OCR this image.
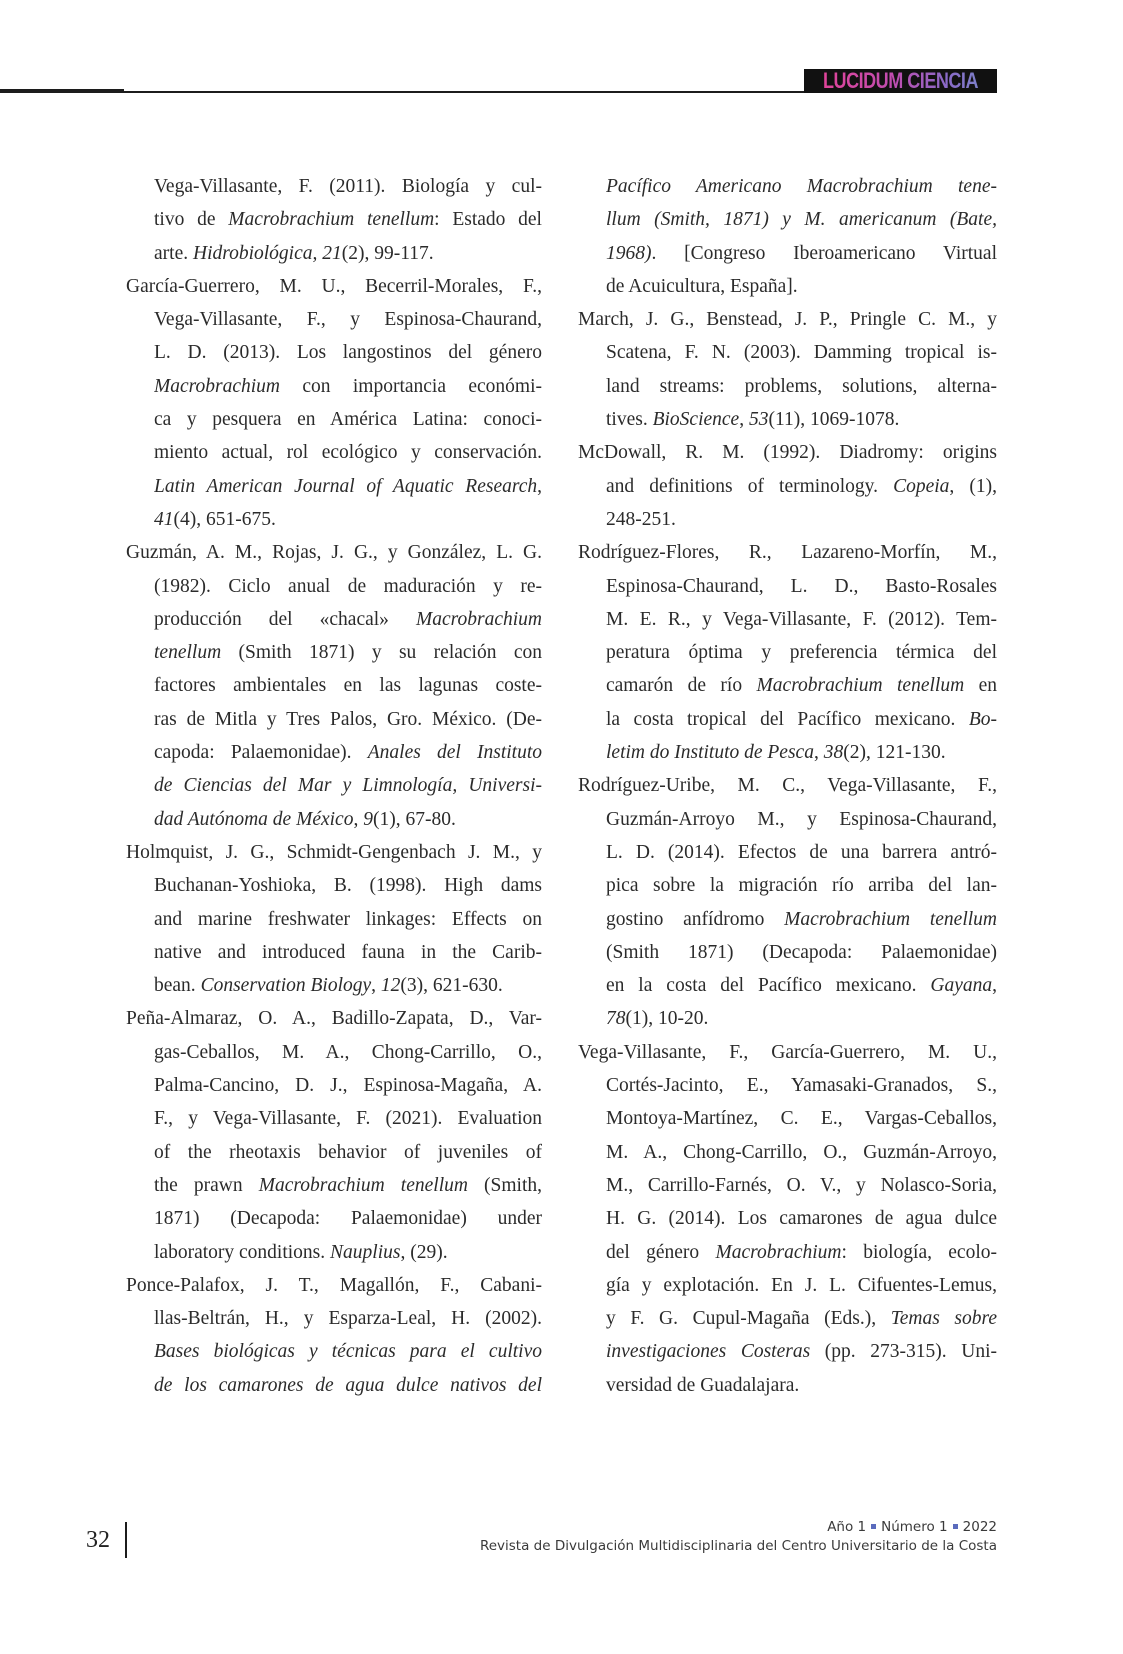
LUCIDUM CIENCIA
Vega-Villasante, F. (2011). Biología y cul-
tivo de Macrobrachium tenellum: Estado del
arte. Hidrobiológica, 21(2), 99-117.
García-Guerrero, M. U., Becerril-Morales, F.,
Vega-Villasante, F., y Espinosa-Chaurand,
L. D. (2013). Los langostinos del género
Macrobrachium con importancia económi-
ca y pesquera en América Latina: conoci-
miento actual, rol ecológico y conservación.
Latin American Journal of Aquatic Research,
41(4), 651-675.
Guzmán, A. M., Rojas, J. G., y González, L. G.
(1982). Ciclo anual de maduración y re-
producción del «chacal» Macrobrachium
tenellum (Smith 1871) y su relación con
factores ambientales en las lagunas coste-
ras de Mitla y Tres Palos, Gro. México. (De-
capoda: Palaemonidae). Anales del Instituto
de Ciencias del Mar y Limnología, Universi-
dad Autónoma de México, 9(1), 67-80.
Holmquist, J. G., Schmidt-Gengenbach J. M., y
Buchanan-Yoshioka, B. (1998). High dams
and marine freshwater linkages: Effects on
native and introduced fauna in the Carib-
bean. Conservation Biology, 12(3), 621-630.
Peña-Almaraz, O. A., Badillo-Zapata, D., Var-
gas-Ceballos, M. A., Chong-Carrillo, O.,
Palma-Cancino, D. J., Espinosa-Magaña, A.
F., y Vega-Villasante, F. (2021). Evaluation
of the rheotaxis behavior of juveniles of
the prawn Macrobrachium tenellum (Smith,
1871) (Decapoda: Palaemonidae) under
laboratory conditions. Nauplius, (29).
Ponce-Palafox, J. T., Magallón, F., Cabani-
llas-Beltrán, H., y Esparza-Leal, H. (2002).
Bases biológicas y técnicas para el cultivo
de los camarones de agua dulce nativos del
Pacífico Americano Macrobrachium tene-
llum (Smith, 1871) y M. americanum (Bate,
1968). [Congreso Iberoamericano Virtual
de Acuicultura, España].
March, J. G., Benstead, J. P., Pringle C. M., y
Scatena, F. N. (2003). Damming tropical is-
land streams: problems, solutions, alterna-
tives. BioScience, 53(11), 1069-1078.
McDowall, R. M. (1992). Diadromy: origins
and definitions of terminology. Copeia, (1),
248-251.
Rodríguez-Flores, R., Lazareno-Morfín, M.,
Espinosa-Chaurand, L. D., Basto-Rosales
M. E. R., y Vega-Villasante, F. (2012). Tem-
peratura óptima y preferencia térmica del
camarón de río Macrobrachium tenellum en
la costa tropical del Pacífico mexicano. Bo-
letim do Instituto de Pesca, 38(2), 121-130.
Rodríguez-Uribe, M. C., Vega-Villasante, F.,
Guzmán-Arroyo M., y Espinosa-Chaurand,
L. D. (2014). Efectos de una barrera antró-
pica sobre la migración río arriba del lan-
gostino anfídromo Macrobrachium tenellum
(Smith 1871) (Decapoda: Palaemonidae)
en la costa del Pacífico mexicano. Gayana,
78(1), 10-20.
Vega-Villasante, F., García-Guerrero, M. U.,
Cortés-Jacinto, E., Yamasaki-Granados, S.,
Montoya-Martínez, C. E., Vargas-Ceballos,
M. A., Chong-Carrillo, O., Guzmán-Arroyo,
M., Carrillo-Farnés, O. V., y Nolasco-Soria,
H. G. (2014). Los camarones de agua dulce
del género Macrobrachium: biología, ecolo-
gía y explotación. En J. L. Cifuentes-Lemus,
y F. G. Cupul-Magaña (Eds.), Temas sobre
investigaciones Costeras (pp. 273-315). Uni-
versidad de Guadalajara.
32	Año 1 Número 1 2022
Revista de Divulgación Multidisciplinaria del Centro Universitario de la Costa
